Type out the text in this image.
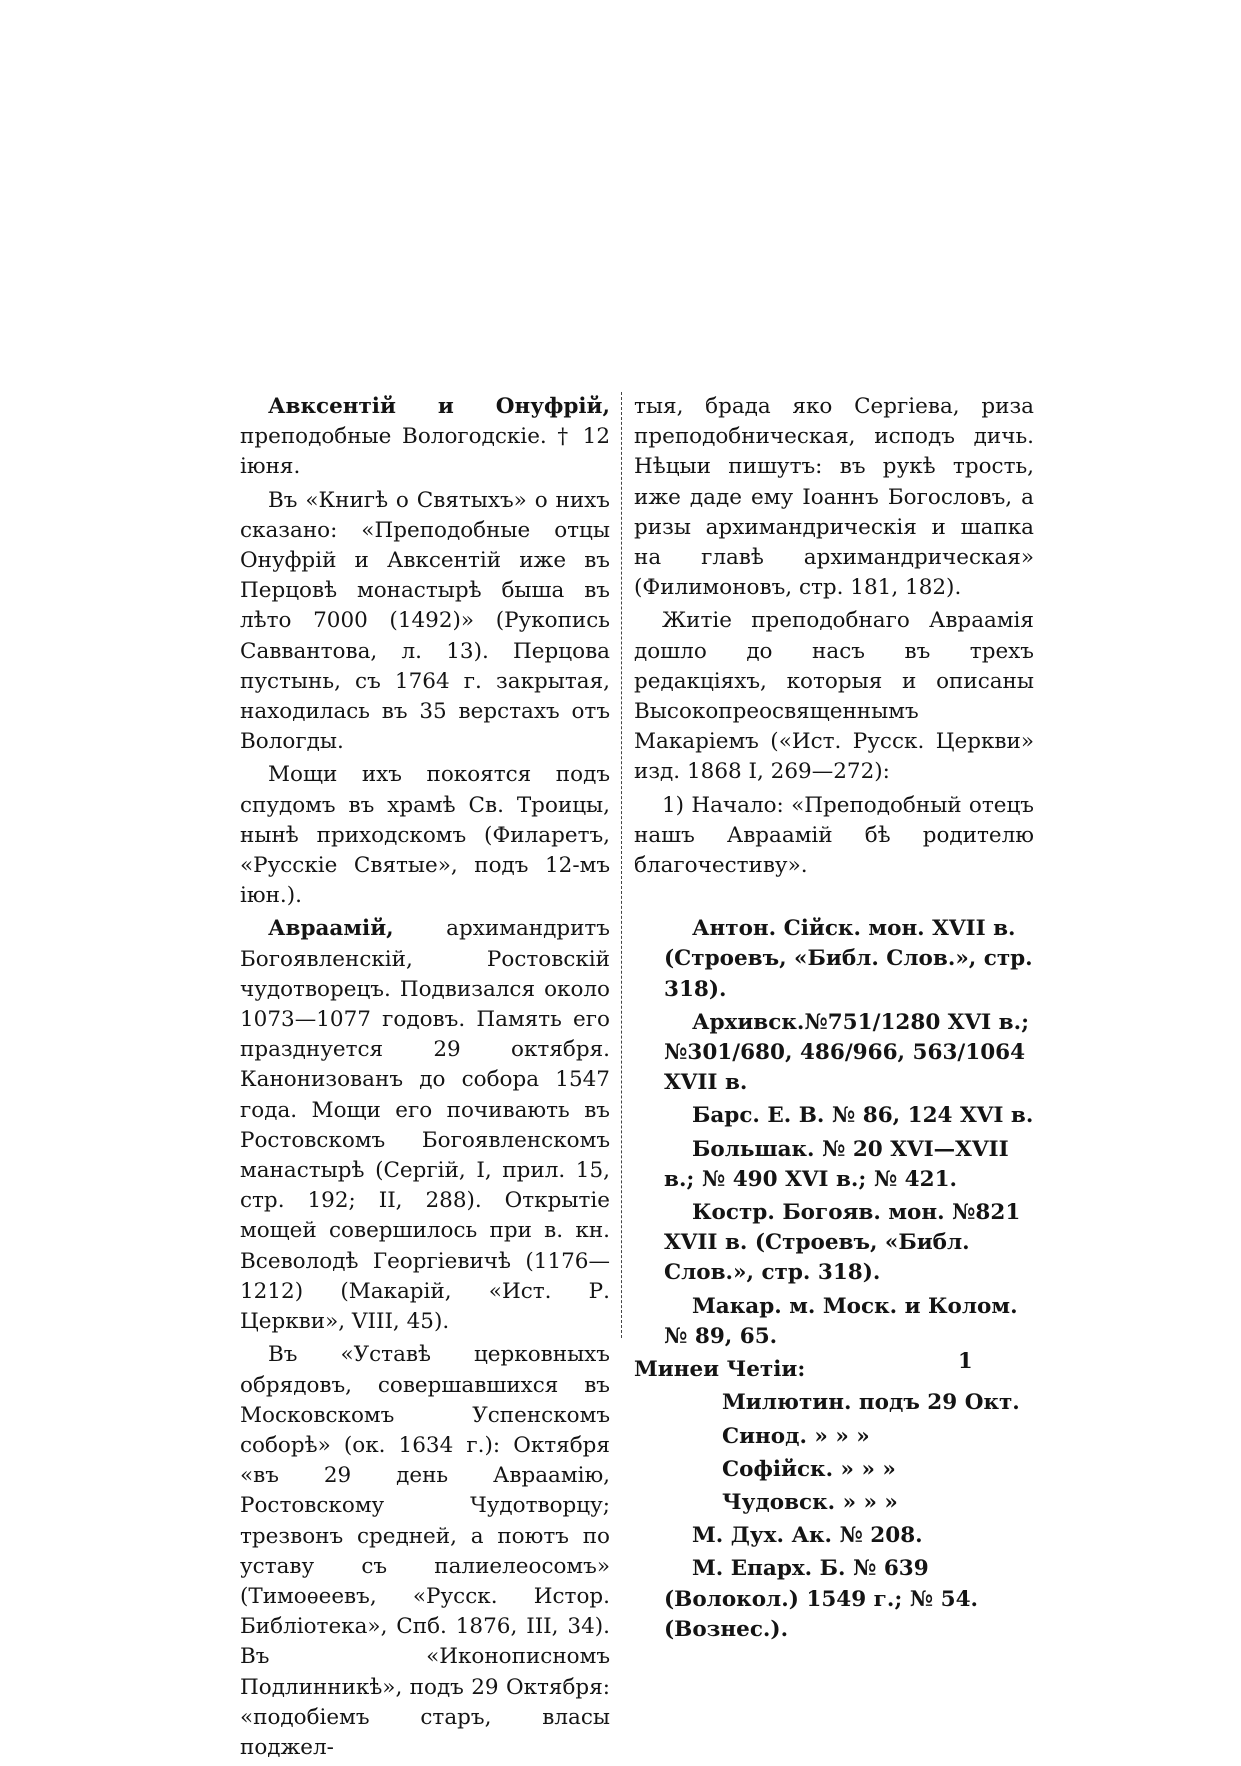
Авксентій и Онуфрій, преподобные Вологодскіе. † 12 іюня.

Въ «Книгѣ о Святыхъ» о нихъ сказано: «Преподобные отцы Онуфрій и Авксентій иже въ Перцовѣ монастырѣ быша въ лѣто 7000 (1492)» (Рукопись Саввантова, л. 13). Перцова пустынь, съ 1764 г. закрытая, находилась въ 35 верстахъ отъ Вологды.

Мощи ихъ покоятся подъ спудомъ въ храмѣ Св. Троицы, нынѣ приходскомъ (Филаретъ, «Русскіе Святые», подъ 12-мъ іюн.).

Авраамій, архимандритъ Богоявленскій, Ростовскій чудотворецъ. Подвизался около 1073—1077 годовъ. Память его празднуется 29 октября. Канонизованъ до собора 1547 года. Мощи его почивають въ Ростовскомъ Богоявленскомъ манастырѣ (Сергій, I, прил. 15, стр. 192; II, 288). Открытіе мощей совершилось при в. кн. Всеволодѣ Георгіевичѣ (1176—1212) (Макарій, «Ист. Р. Церкви», VIII, 45).

Въ «Уставѣ церковныхъ обрядовъ, совершавшихся въ Московскомъ Успенскомъ соборѣ» (ок. 1634 г.): Октября «въ 29 день Авраамію, Ростовскому Чудотворцу; трезвонъ средней, а поютъ по уставу съ палиелеосомъ» (Тимоѳеевъ, «Русск. Истор. Библіотека», Спб. 1876, III, 34). Въ «Иконописномъ Подлинникѣ», подъ 29 Октября: «подобіемъ старъ, власы поджел-

тыя, брада яко Сергіева, риза преподобническая, исподъ дичь. Нѣцыи пишутъ: въ рукѣ трость, иже даде ему Іоаннъ Богословъ, а ризы архимандрическія и шапка на главѣ архимандрическая» (Филимоновъ, стр. 181, 182).

Житіе преподобнаго Авраамія дошло до насъ въ трехъ редакціяхъ, которыя и описаны Высокопреосвященнымъ Макаріемъ («Ист. Русск. Церкви» изд. 1868 I, 269—272):

1) Начало: «Преподобный отецъ нашъ Авраамій бѣ родителю благочестиву».

Антон. Сійск. мон. XVII в. (Строевъ, «Библ. Слов.», стр. 318).

Архивск.№751/1280 XVI в.; №301/680, 486/966, 563/1064 XVII в.

Барс. Е. В. № 86, 124 XVI в.

Большак. № 20 XVI—XVII в.; № 490 XVI в.; № 421.

Костр. Богояв. мон. №821 XVII в. (Строевъ, «Библ. Слов.», стр. 318).

Макар. м. Моск. и Колом. № 89, 65.

Минеи Четіи:

Милютин. подъ 29 Окт.

Синод. » » »

Софійск. » » »

Чудовск. » » »

М. Дух. Ак. № 208.

М. Епарх. Б. № 639 (Волокол.) 1549 г.; № 54. (Вознес.).

1
